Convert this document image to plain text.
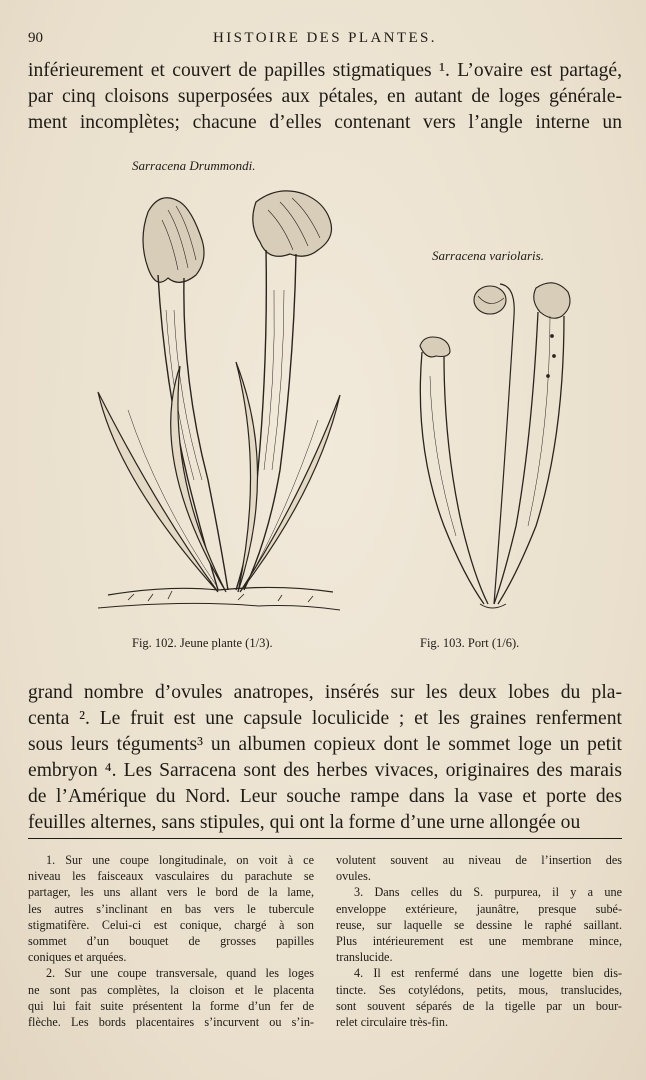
90	HISTOIRE DES PLANTES.

inférieurement et couvert de papilles stigmatiques ¹. L’ovaire est partagé,
par cinq cloisons superposées aux pétales, en autant de loges générale-
ment incomplètes; chacune d’elles contenant vers l’angle interne un

Sarracena Drummondi.
Fig. 102. Jeune plante (1/3).
Sarracena variolaris.
Fig. 103. Port (1/6).

grand nombre d’ovules anatropes, insérés sur les deux lobes du pla-
centa ². Le fruit est une capsule loculicide ; et les graines renferment
sous leurs téguments³ un albumen copieux dont le sommet loge un petit
embryon ⁴. Les Sarracena sont des herbes vivaces, originaires des marais
de l’Amérique du Nord. Leur souche rampe dans la vase et porte des
feuilles alternes, sans stipules, qui ont la forme d’une urne allongée ou

1. Sur une coupe longitudinale, on voit à ce
niveau les faisceaux vasculaires du parachute se
partager, les uns allant vers le bord de la lame,
les autres s’inclinant en bas vers le tubercule
stigmatifère. Celui-ci est conique, chargé à son
sommet d’un bouquet de grosses papilles
coniques et arquées.

2. Sur une coupe transversale, quand les loges
ne sont pas complètes, la cloison et le placenta
qui lui fait suite présentent la forme d’un fer de
flèche. Les bords placentaires s’incurvent ou s’in-

volutent souvent au niveau de l’insertion des
ovules.

3. Dans celles du S. purpurea, il y a une
enveloppe extérieure, jaunâtre, presque subé-
reuse, sur laquelle se dessine le raphé saillant.
Plus intérieurement est une membrane mince,
translucide.

4. Il est renfermé dans une logette bien dis-
tincte. Ses cotylédons, petits, mous, translucides,
sont souvent séparés de la tigelle par un bour-
relet circulaire très-fin.
